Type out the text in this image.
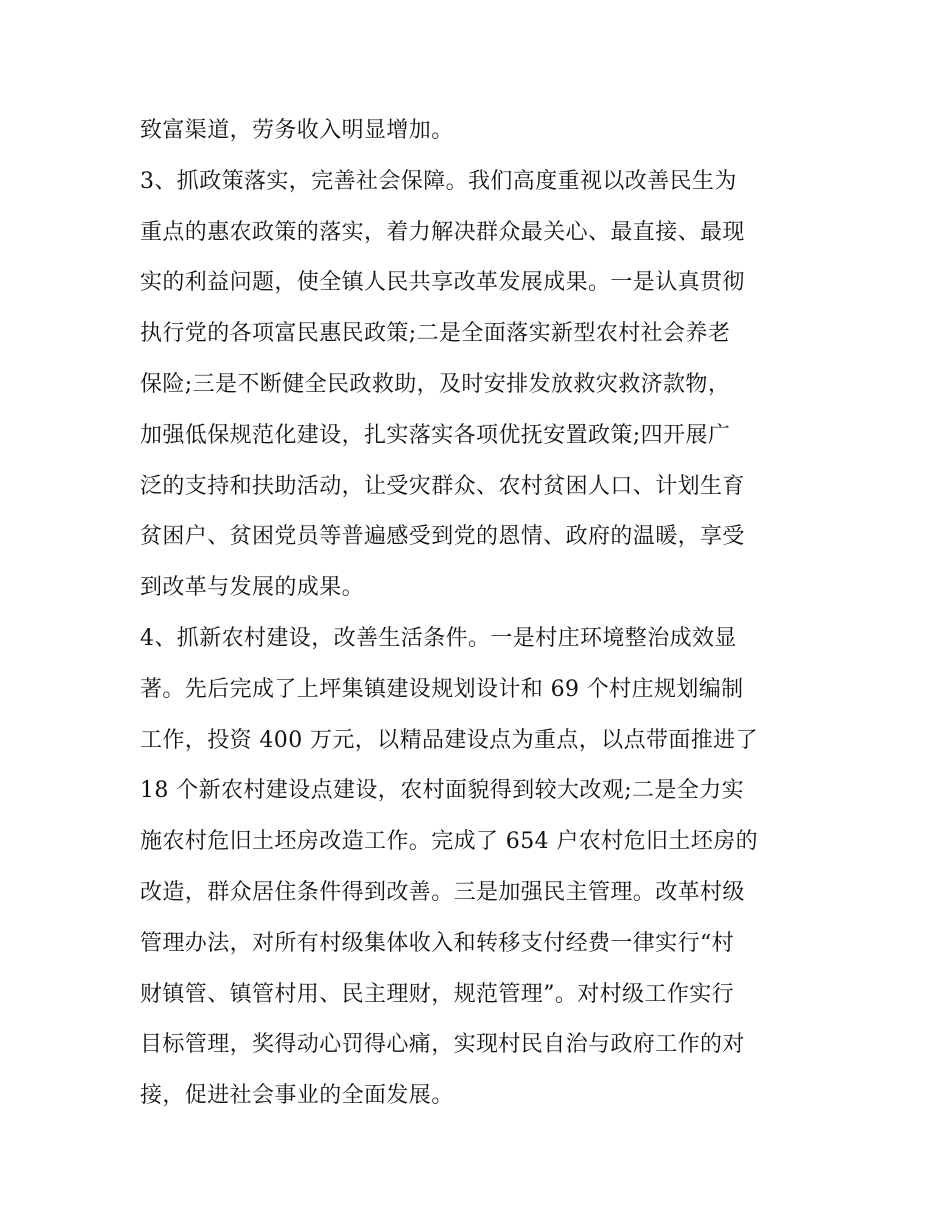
致富渠道，劳务收入明显增加。
3、抓政策落实，完善社会保障。我们高度重视以改善民生为
重点的惠农政策的落实，着力解决群众最关心、最直接、最现
实的利益问题，使全镇人民共享改革发展成果。一是认真贯彻
执行党的各项富民惠民政策;二是全面落实新型农村社会养老
保险;三是不断健全民政救助，及时安排发放救灾救济款物，
加强低保规范化建设，扎实落实各项优抚安置政策;四开展广
泛的支持和扶助活动，让受灾群众、农村贫困人口、计划生育
贫困户、贫困党员等普遍感受到党的恩情、政府的温暖，享受
到改革与发展的成果。
4、抓新农村建设，改善生活条件。一是村庄环境整治成效显
著。先后完成了上坪集镇建设规划设计和 69 个村庄规划编制
工作，投资 400 万元，以精品建设点为重点，以点带面推进了
18 个新农村建设点建设，农村面貌得到较大改观;二是全力实
施农村危旧土坯房改造工作。完成了 654 户农村危旧土坯房的
改造，群众居住条件得到改善。三是加强民主管理。改革村级
管理办法，对所有村级集体收入和转移支付经费一律实行“村
财镇管、镇管村用、民主理财，规范管理”。对村级工作实行
目标管理，奖得动心罚得心痛，实现村民自治与政府工作的对
接，促进社会事业的全面发展。
